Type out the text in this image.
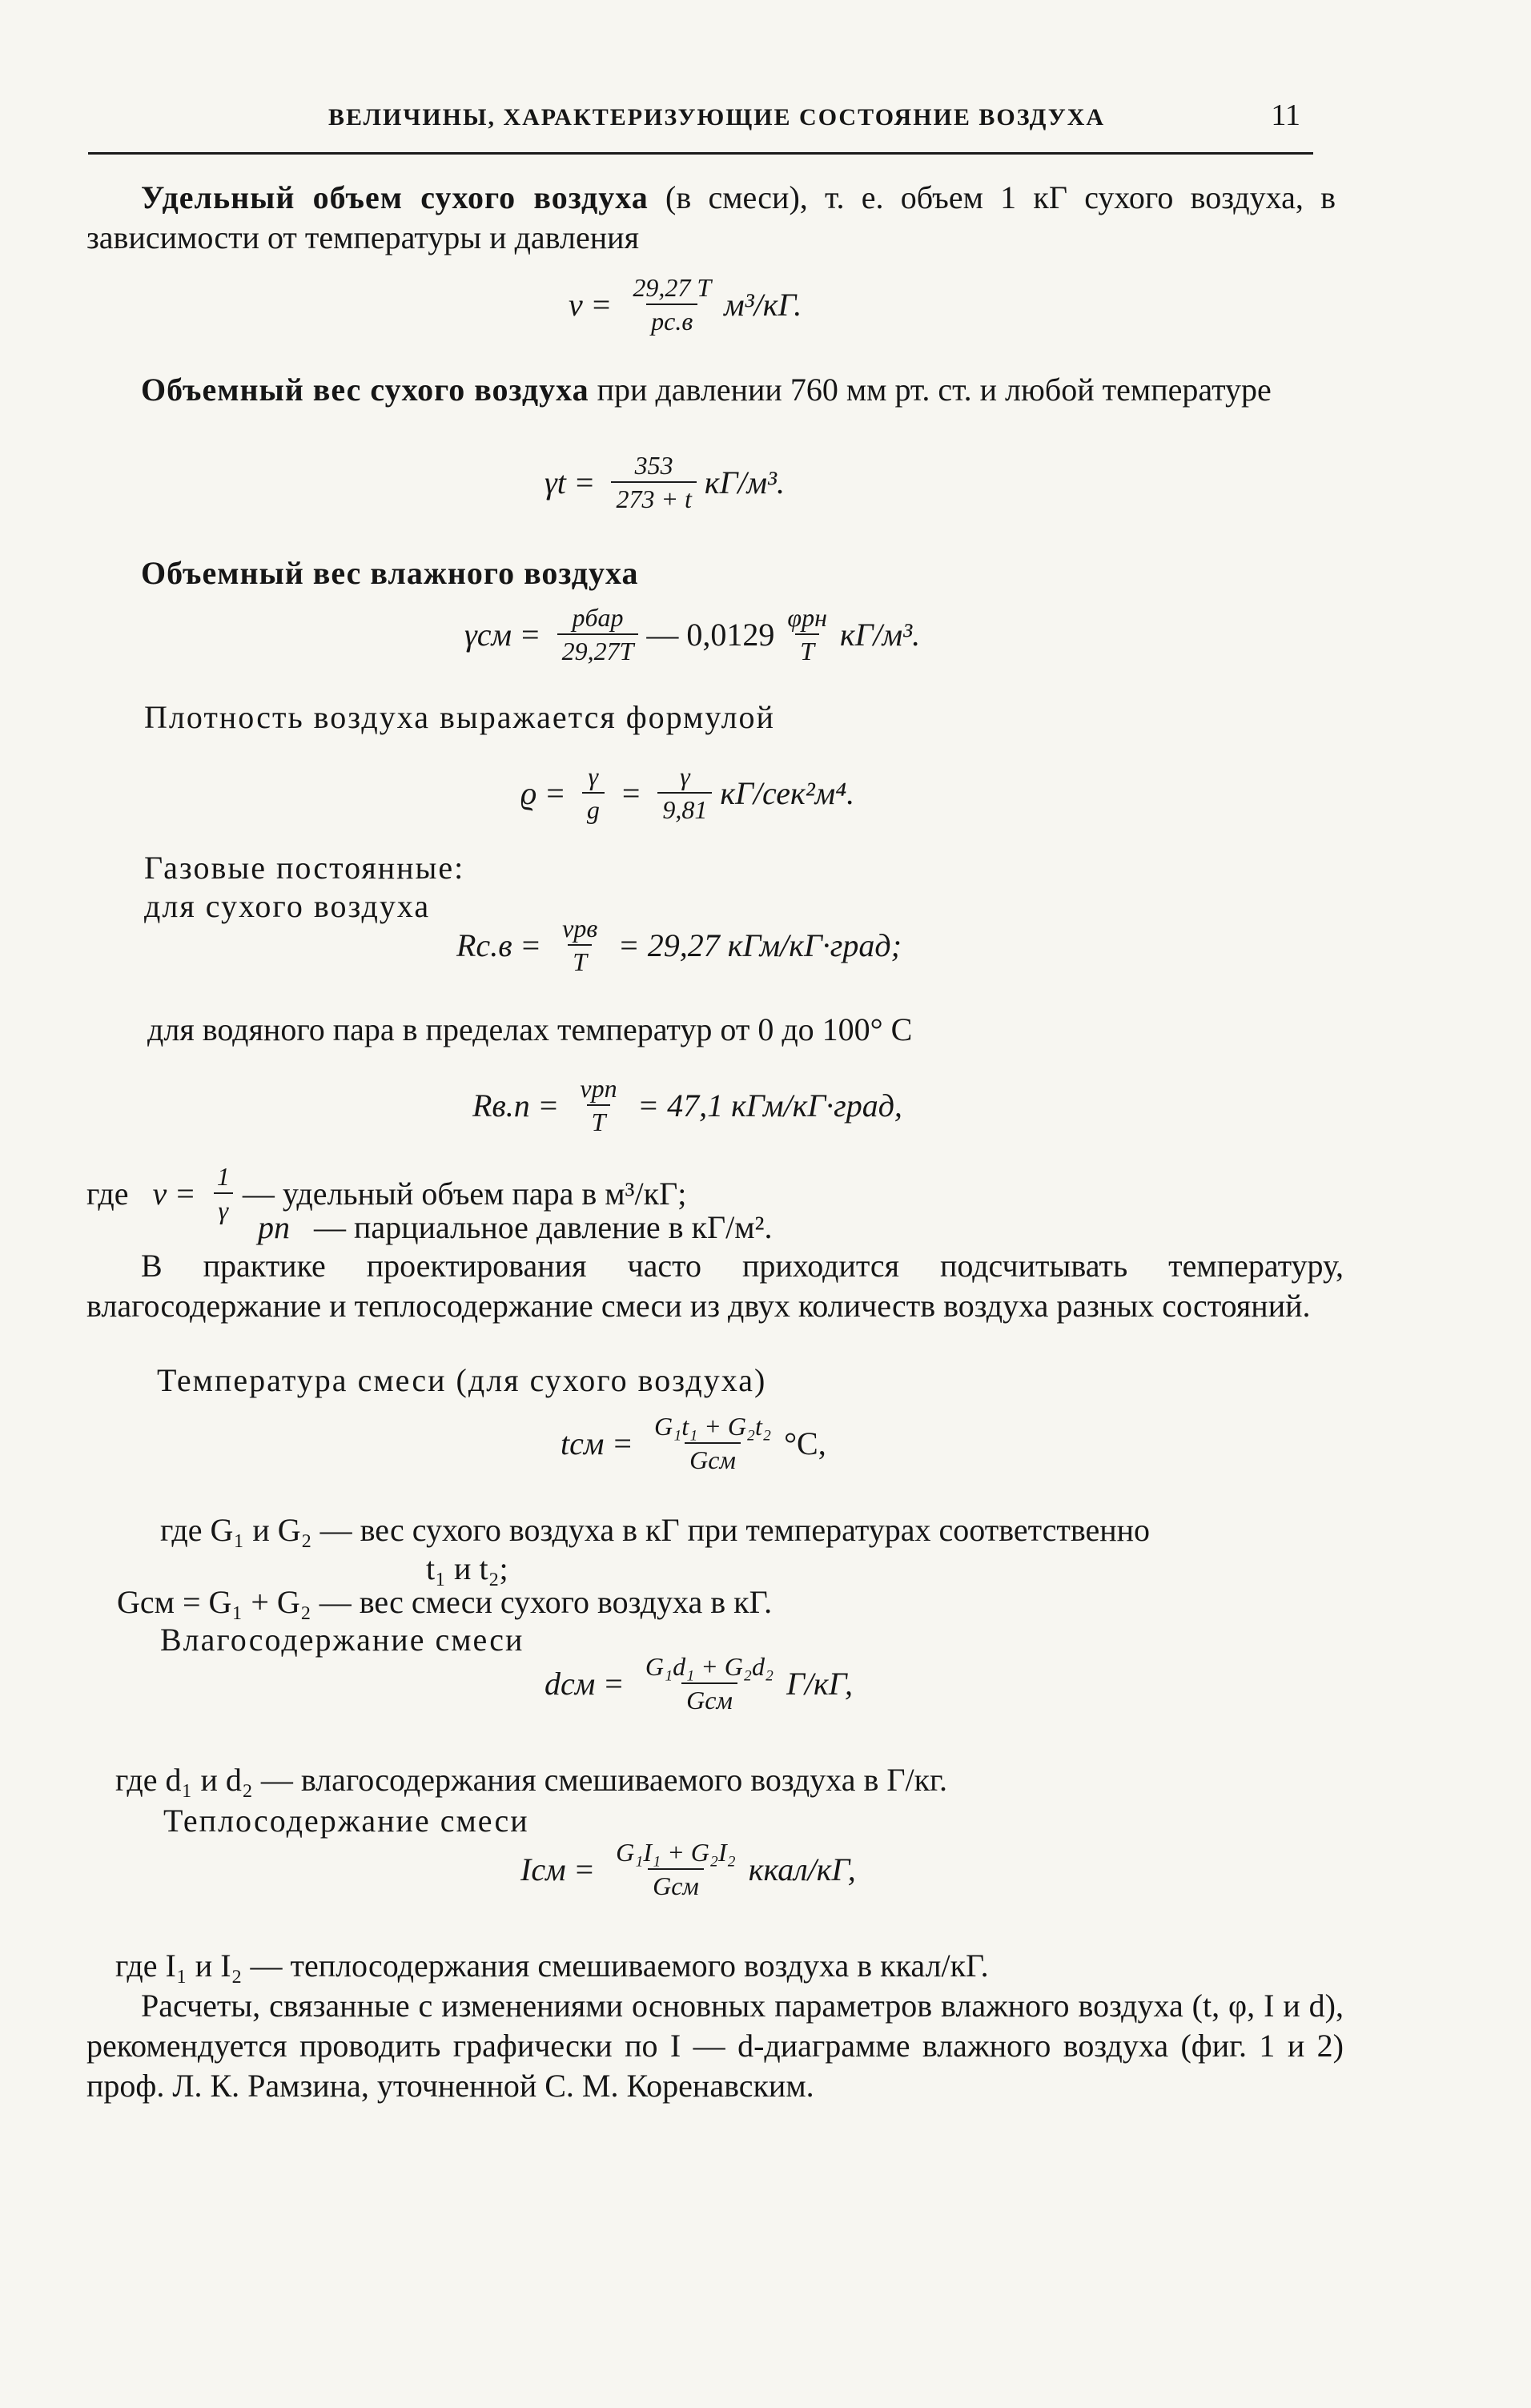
ВЕЛИЧИНЫ, ХАРАКТЕРИЗУЮЩИЕ СОСТОЯНИЕ ВОЗДУХА	11
Удельный объем сухого воздуха (в смеси), т. е. объем 1 кГ сухого воздуха, в зависимости от температуры и давления
$v = \frac{29,27 T}{pс.в} м^3/кГ$.
Объемный вес сухого воздуха при давлении 760 мм рт. ст. и любой температуре
$\gamma t = \frac{353}{273 + t} кГ/м^3$.
Объемный вес влажного воздуха
$\gamma см = \frac{\text{pбар}}{29,27T}$ — $0,0129 \frac{\text{φpн}}{T} кГ/м^3$.
Плотность воздуха выражается формулой
$ϱ = \frac{\gamma}{g} = \frac{\gamma}{9,81} кГ/сек^2м^4$.
Газовые постоянные:
для сухого воздуха
$Rс.в = \frac{\text{vpв}}{T} = 29,27$ кГм/кГ·град;
для водяного пара в пределах температур от 0 до 100° С
$Rв.п = \frac{\text{vpп}}{T} = 47,1$ кГм/кГ·град,
где $v = \frac{1}{\gamma}$ — удельный объем пара в м³/кГ;
pп — парциальное давление в кГ/м².
В практике проектирования часто приходится подсчитывать температуру, влагосодержание и теплосодержание смеси из двух количеств воздуха разных состояний.
Температура смеси (для сухого воздуха)
tсм = $\frac{\text{G₁t₁ + G₂t₂}}{\text{Gсм}} ^\circ С$,
где G₁ и G₂ — вес сухого воздуха в кГ при температурах соответственно
t₁ и t₂;
Gсм = G₁ + G₂ — вес смеси сухого воздуха в кГ.
Влагосодержание смеси
dсм = $\frac{\text{G₁d₁ + G₂d₂}}{\text{Gсм}} Г/кГ$,
где d₁ и d₂ — влагосодержания смешиваемого воздуха в Г/кг.
Теплосодержание смеси
Iсм = $\frac{\text{G₁I₁ + G₂I₂}}{\text{Gсм}}$ ккал/кГ,
где I₁ и I₂ — теплосодержания смешиваемого воздуха в ккал/кГ.
Расчеты, связанные с изменениями основных параметров влажного воздуха (t, φ, I и d), рекомендуется проводить графически по I — d-диаграмме влажного воздуха (фиг. 1 и 2) проф. Л. К. Рамзина, уточненной С. М. Коренавским.
